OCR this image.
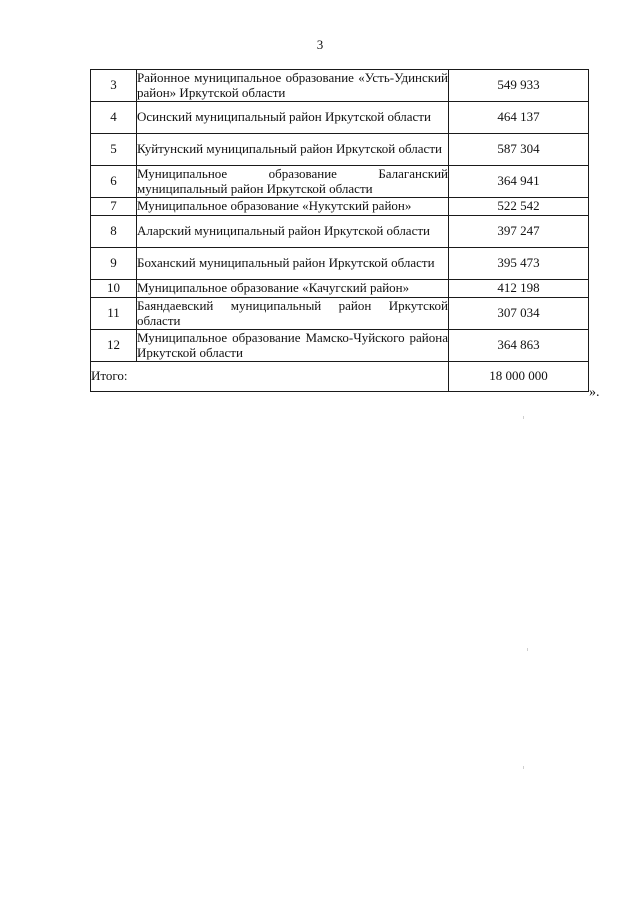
3
3	Районное муниципальное образование «Усть-Удинский район» Иркутской области	549 933
4	Осинский муниципальный район Иркутской области	464 137
5	Куйтунский муниципальный район Иркутской области	587 304
6	Муниципальное образование Балаганский муниципальный район Иркутской области	364 941
7	Муниципальное образование «Нукутский район»	522 542
8	Аларский муниципальный район Иркутской области	397 247
9	Боханский муниципальный район Иркутской области	395 473
10	Муниципальное образование «Качугский район»	412 198
11	Баяндаевский муниципальный район Иркутской области	307 034
12	Муниципальное образование Мамско-Чуйского района Иркутской области	364 863
Итого:		18 000 000
».
